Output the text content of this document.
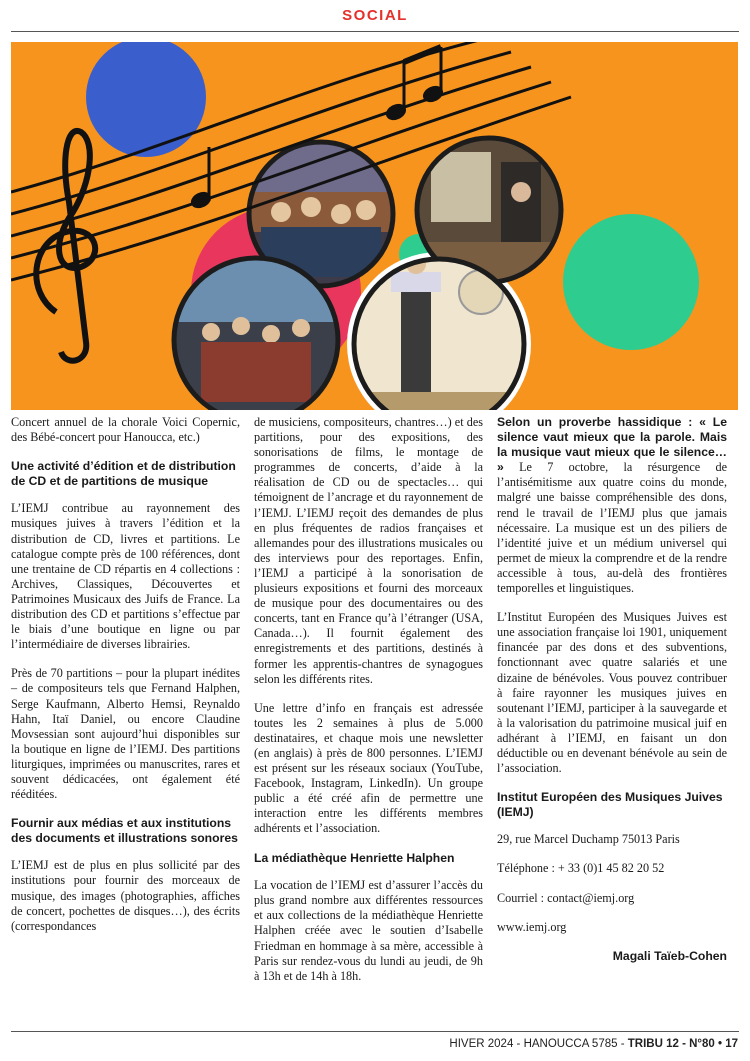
SOCIAL

Concert annuel de la chorale Voici Copernic, des Bébé-concert pour Hanoucca, etc.)

Une activité d’édition et de distribution de CD et de partitions de musique

L’IEMJ contribue au rayonnement des musiques juives à travers l’édition et la distribution de CD, livres et partitions. Le catalogue compte près de 100 références, dont une trentaine de CD répartis en 4 collections : Archives, Classiques, Découvertes et Patrimoines Musicaux des Juifs de France. La distribution des CD et partitions s’effectue par le biais d’une boutique en ligne ou par l’intermédiaire de diverses librairies.

Près de 70 partitions – pour la plupart inédites – de compositeurs tels que Fernand Halphen, Serge Kaufmann, Alberto Hemsi, Reynaldo Hahn, Itaï Daniel, ou encore Claudine Movsessian sont aujourd’hui disponibles sur la boutique en ligne de l’IEMJ. Des partitions liturgiques, imprimées ou manuscrites, rares et souvent dédicacées, ont également été rééditées.

Fournir aux médias et aux institutions des documents et illustrations sonores

L’IEMJ est de plus en plus sollicité par des institutions pour fournir des morceaux de musique, des images (photographies, affiches de concert, pochettes de disques…), des écrits (correspondances

de musiciens, compositeurs, chantres…) et des partitions, pour des expositions, des sonorisations de films, le montage de programmes de concerts, d’aide à la réalisation de CD ou de spectacles… qui témoignent de l’ancrage et du rayonnement de l’IEMJ. L’IEMJ reçoit des demandes de plus en plus fréquentes de radios françaises et allemandes pour des illustrations musicales ou des interviews pour des reportages. Enfin, l’IEMJ a participé à la sonorisation de plusieurs expositions et fourni des morceaux de musique pour des documentaires ou des concerts, tant en France qu’à l’étranger (USA, Canada…). Il fournit également des enregistrements et des partitions, destinés à former les apprentis-chantres de synagogues selon les différents rites.

Une lettre d’info en français est adressée toutes les 2 semaines à plus de 5.000 destinataires, et chaque mois une newsletter (en anglais) à près de 800 personnes. L’IEMJ est présent sur les réseaux sociaux (YouTube, Facebook, Instagram, LinkedIn). Un groupe public a été créé afin de permettre une interaction entre les différents membres adhérents et l’association.

La médiathèque Henriette Halphen

La vocation de l’IEMJ est d’assurer l’accès du plus grand nombre aux différentes ressources et aux collections de la médiathèque Henriette Halphen créée avec le soutien d’Isabelle Friedman en hommage à sa mère, accessible à Paris sur rendez-vous du lundi au jeudi, de 9h à 13h et de 14h à 18h.

Selon un proverbe hassidique : « Le silence vaut mieux que la parole. Mais la musique vaut mieux que le silence… » Le 7 octobre, la résurgence de l’antisémitisme aux quatre coins du monde, malgré une baisse compréhensible des dons, rend le travail de l’IEMJ plus que jamais nécessaire. La musique est un des piliers de l’identité juive et un médium universel qui permet de mieux la comprendre et de la rendre accessible à tous, au-delà des frontières temporelles et linguistiques.

L’Institut Européen des Musiques Juives est une association française loi 1901, uniquement financée par des dons et des subventions, fonctionnant avec quatre salariés et une dizaine de bénévoles. Vous pouvez contribuer à faire rayonner les musiques juives en soutenant l’IEMJ, participer à la sauvegarde et à la valorisation du patrimoine musical juif en adhérant à l’IEMJ, en faisant un don déductible ou en devenant bénévole au sein de l’association.

Institut Européen des Musiques Juives (IEMJ)

29, rue Marcel Duchamp 75013 Paris

Téléphone : + 33 (0)1 45 82 20 52

Courriel : contact@iemj.org

www.iemj.org

Magali Taïeb-Cohen
HIVER 2024 - HANOUCCA 5785 - TRIBU 12 - N°80 • 17
